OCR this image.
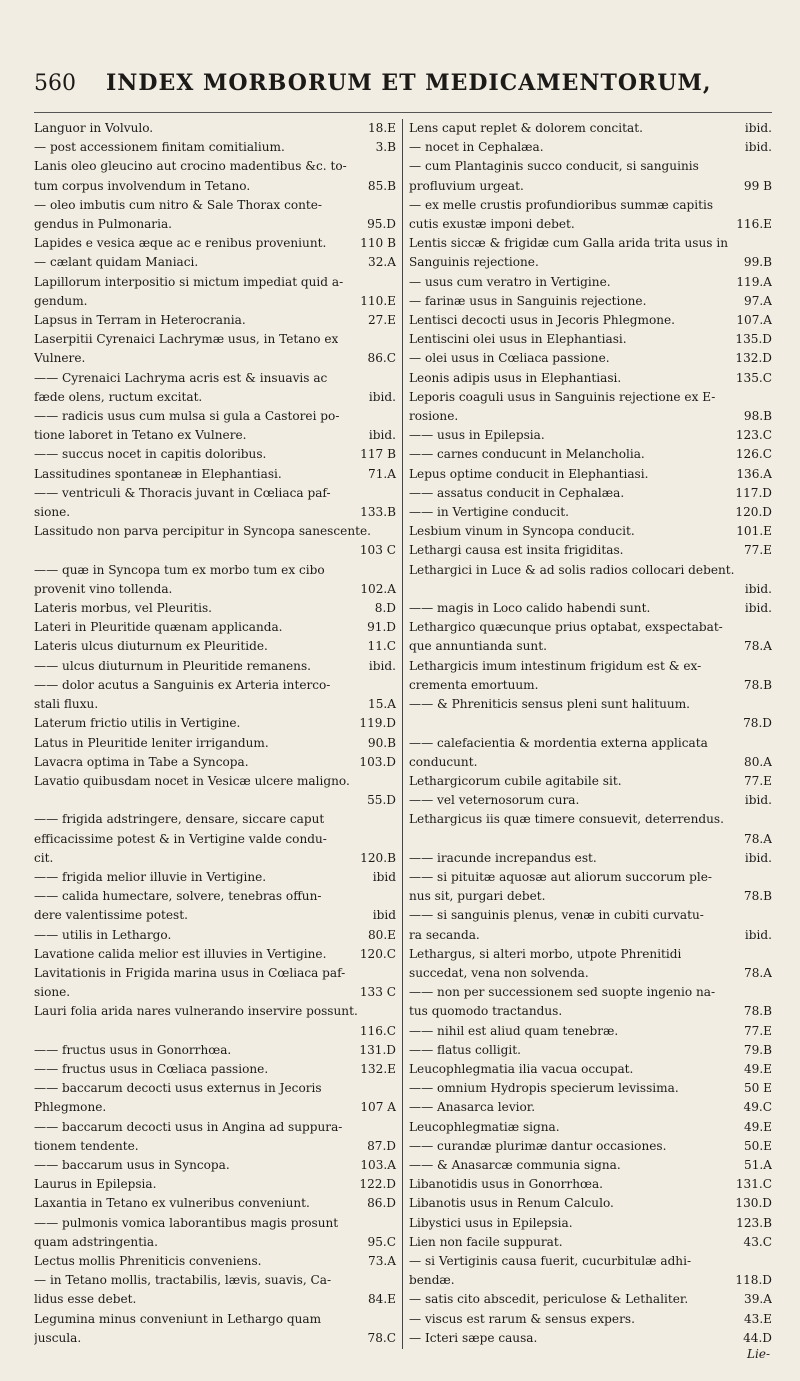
560	INDEX MORBORUM ET MEDICAMENTORUM,
Languor in Volvulo.	18.E
— post accessionem finitam comitialium.	3.B
Lanis oleo gleucino aut crocino madentibus &c. to-
tum corpus involvendum in Tetano.	85.B
— oleo imbutis cum nitro & Sale Thorax conte-
gendus in Pulmonaria.	95.D
Lapides e vesica æque ac e renibus proveniunt.	110 B
— cælant quidam Maniaci.	32.A
Lapillorum interpositio si mictum impediat quid a-
gendum.	110.E
Lapsus in Terram in Heterocrania.	27.E
Laserpitii Cyrenaici Lachrymæ usus, in Tetano ex
Vulnere.	86.C
—— Cyrenaici Lachryma acris est & insuavis ac
fæde olens, ructum excitat.	ibid.
—— radicis usus cum mulsa si gula a Castorei po-
tione laboret in Tetano ex Vulnere.	ibid.
—— succus nocet in capitis doloribus.	117 B
Lassitudines spontaneæ in Elephantiasi.	71.A
—— ventriculi & Thoracis juvant in Cœliaca paf-
sione.	133.B
Lassitudo non parva percipitur in Syncopa sanescente.
103 C
—— quæ in Syncopa tum ex morbo tum ex cibo
provenit vino tollenda.	102.A
Lateris morbus, vel Pleuritis.	8.D
Lateri in Pleuritide quænam applicanda.	91.D
Lateris ulcus diuturnum ex Pleuritide.	11.C
—— ulcus diuturnum in Pleuritide remanens.	ibid.
—— dolor acutus a Sanguinis ex Arteria interco-
stali fluxu.	15.A
Laterum frictio utilis in Vertigine.	119.D
Latus in Pleuritide leniter irrigandum.	90.B
Lavacra optima in Tabe a Syncopa.	103.D
Lavatio quibusdam nocet in Vesicæ ulcere maligno.
55.D
—— frigida adstringere, densare, siccare caput
efficacissime potest & in Vertigine valde condu-
cit.	120.B
—— frigida melior illuvie in Vertigine.	ibid
—— calida humectare, solvere, tenebras offun-
dere valentissime potest.	ibid
—— utilis in Lethargo.	80.E
Lavatione calida melior est illuvies in Vertigine.	120.C
Lavitationis in Frigida marina usus in Cœliaca paf-
sione.	133 C
Lauri folia arida nares vulnerando inservire possunt.
116.C
—— fructus usus in Gonorrhœa.	131.D
—— fructus usus in Cœliaca passione.	132.E
—— baccarum decocti usus externus in Jecoris
Phlegmone.	107 A
—— baccarum decocti usus in Angina ad suppura-
tionem tendente.	87.D
—— baccarum usus in Syncopa.	103.A
Laurus in Epilepsia.	122.D
Laxantia in Tetano ex vulneribus conveniunt.	86.D
—— pulmonis vomica laborantibus magis prosunt
quam adstringentia.	95.C
Lectus mollis Phreniticis conveniens.	73.A
— in Tetano mollis, tractabilis, lævis, suavis, Ca-
lidus esse debet.	84.E
Legumina minus conveniunt in Lethargo quam
jusculа.	78.C
Lens caput replet & dolorem concitat.	ibid.
— nocet in Cephalæa.	ibid.
— cum Plantaginis succo conducit, si sanguinis
profluvium urgeat.	99 B
— ex melle crustis profundioribus summæ capitis
cutis exustæ imponi debet.	116.E
Lentis siccæ & frigidæ cum Galla arida trita usus in
Sanguinis rejectione.	99.B
— usus cum veratro in Vertigine.	119.A
— farinæ usus in Sanguinis rejectione.	97.A
Lentisci decocti usus in Jecoris Phlegmone.	107.A
Lentiscini olei usus in Elephantiasi.	135.D
— olei usus in Cœliaca passione.	132.D
Leonis adipis usus in Elephantiasi.	135.C
Leporis coaguli usus in Sanguinis rejectione ex E-
rosione.	98.B
—— usus in Epilepsia.	123.C
—— carnes conducunt in Melancholia.	126.C
Lepus optime conducit in Elephantiasi.	136.A
—— assatus conducit in Cephalæa.	117.D
—— in Vertigine conducit.	120.D
Lesbium vinum in Syncopa conducit.	101.E
Lethargi causa est insita frigiditas.	77.E
Lethargici in Luce & ad solis radios collocari debent.
ibid.
—— magis in Loco calido habendi sunt.	ibid.
Lethargico quæcunque prius optabat, exspectabat-
que annuntianda sunt.	78.A
Lethargicis imum intestinum frigidum est & ex-
crementa emortuum.	78.B
—— & Phreniticis sensus pleni sunt halituum.
78.D
—— calefacientia & mordentia externa applicata
conducunt.	80.A
Lethargicorum cubile agitabile sit.	77.E
—— vel veternosorum cura.	ibid.
Lethargicus iis quæ timere consuevit, deterrendus.
78.A
—— iracunde increpandus est.	ibid.
—— si pituitæ aquosæ aut aliorum succorum ple-
nus sit, purgari debet.	78.B
—— si sanguinis plenus, venæ in cubiti curvatu-
ra secanda.	ibid.
Lethargus, si alteri morbo, utpote Phrenitidi
succedat, vena non solvenda.	78.A
—— non per successionem sed suopte ingenio na-
tus quomodo tractandus.	78.B
—— nihil est aliud quam tenebræ.	77.E
—— flatus colligit.	79.B
Leucophlegmatia ilia vacua occupat.	49.E
—— omnium Hydropis specierum levissima.	50 E
—— Anasarca levior.	49.C
Leucophlegmatiæ signa.	49.E
—— curandæ plurimæ dantur occasiones.	50.E
—— & Anasarcæ communia signa.	51.A
Libanotidis usus in Gonorrhœa.	131.C
Libanotis usus in Renum Calculo.	130.D
Libystici usus in Epilepsia.	123.B
Lien non facile suppurat.	43.C
— si Vertiginis causa fuerit, cucurbitulæ adhi-
bendæ.	118.D
— satis cito abscedit, periculose & Lethaliter.	39.A
— viscus est rarum & sensus expers.	43.E
— Icteri sæpe causa.	44.D
Lie-
